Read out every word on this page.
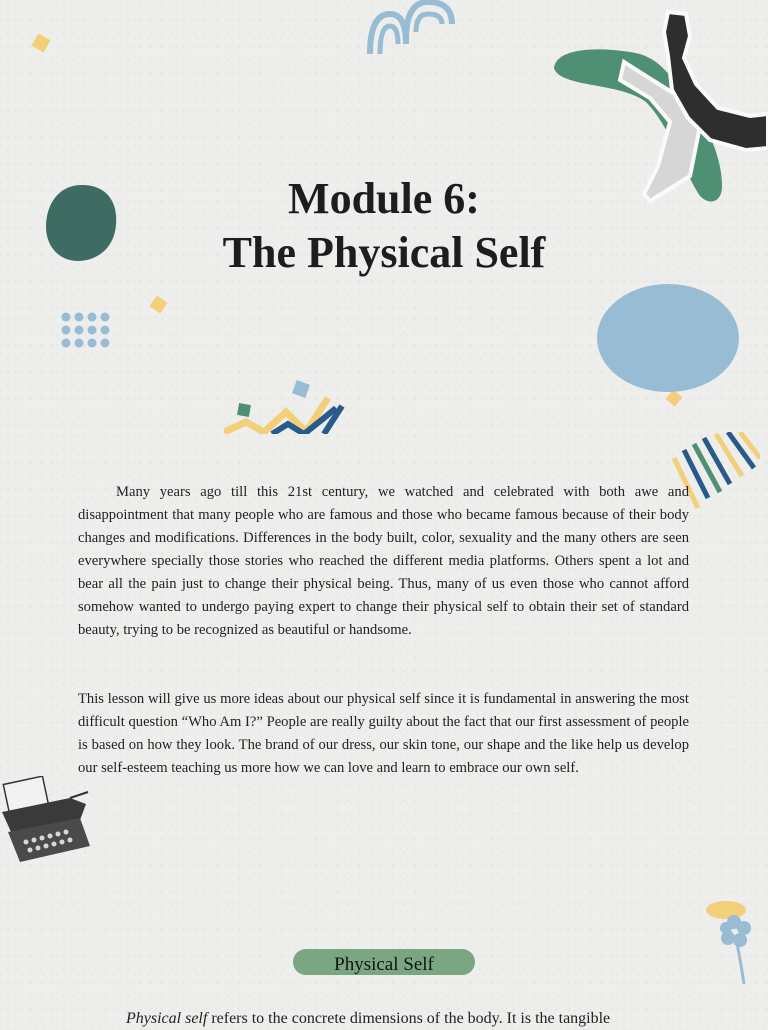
Module 6:
The Physical Self

Many years ago till this 21st century, we watched and celebrated with both awe and disappointment that many people who are famous and those who became famous because of their body changes and modifications. Differences in the body built, color, sexuality and the many others are seen everywhere specially those stories who reached the different media platforms. Others spent a lot and bear all the pain just to change their physical being. Thus, many of us even those who cannot afford somehow wanted to undergo paying expert to change their physical self to obtain their set of standard beauty, trying to be recognized as beautiful or handsome.

This lesson will give us more ideas about our physical self since it is fundamental in answering the most difficult question “Who Am I?” People are really guilty about the fact that our first assessment of people is based on how they look. The brand of our dress, our skin tone, our shape and the like help us develop our self-esteem teaching us more how we can love and learn to embrace our own self.

Physical Self
Physical self refers to the concrete dimensions of the body. It is the tangible
